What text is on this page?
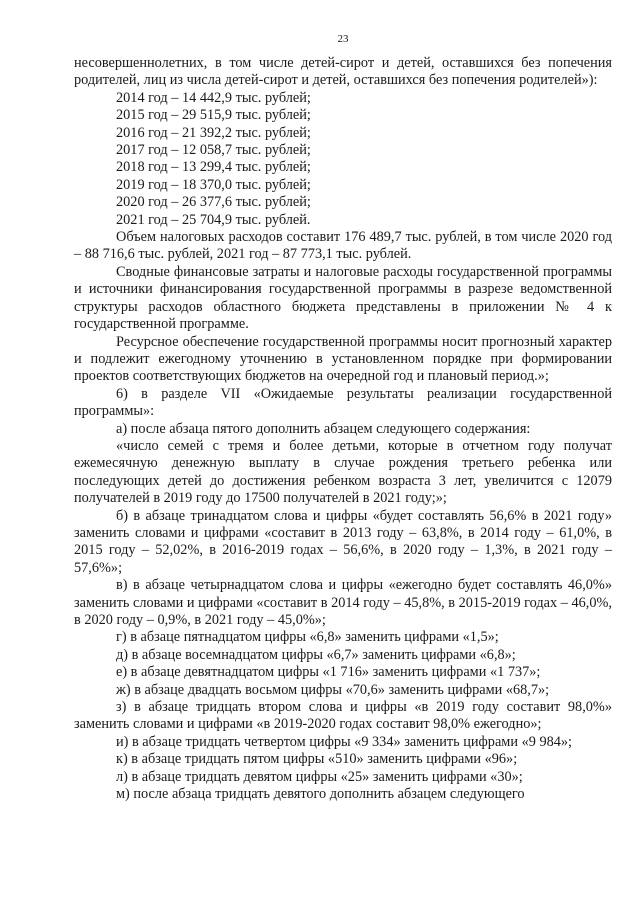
23

несовершеннолетних, в том числе детей-сирот и детей, оставшихся без попечения родителей, лиц из числа детей-сирот и детей, оставшихся без попечения родителей»):

2014 год – 14 442,9 тыс. рублей;

2015 год – 29 515,9 тыс. рублей;

2016 год – 21 392,2 тыс. рублей;

2017 год – 12 058,7 тыс. рублей;

2018 год – 13 299,4 тыс. рублей;

2019 год – 18 370,0 тыс. рублей;

2020 год – 26 377,6 тыс. рублей;

2021 год – 25 704,9 тыс. рублей.

Объем налоговых расходов составит 176 489,7 тыс. рублей, в том числе 2020 год – 88 716,6 тыс. рублей, 2021 год – 87 773,1 тыс. рублей.

Сводные финансовые затраты и налоговые расходы государственной программы и источники финансирования государственной программы в разрезе ведомственной структуры расходов областного бюджета представлены в приложении № 4 к государственной программе.

Ресурсное обеспечение государственной программы носит прогнозный характер и подлежит ежегодному уточнению в установленном порядке при формировании проектов соответствующих бюджетов на очередной год и плановый период.»;

6) в разделе VII «Ожидаемые результаты реализации государственной программы»:

а) после абзаца пятого дополнить абзацем следующего содержания:

«число семей с тремя и более детьми, которые в отчетном году получат ежемесячную денежную выплату в случае рождения третьего ребенка или последующих детей до достижения ребенком возраста 3 лет, увеличится с 12079 получателей в 2019 году до 17500 получателей в 2021 году;»;

б) в абзаце тринадцатом слова и цифры «будет составлять 56,6% в 2021 году» заменить словами и цифрами «составит в 2013 году – 63,8%, в 2014 году – 61,0%, в 2015 году – 52,02%, в 2016-2019 годах – 56,6%, в 2020 году – 1,3%, в 2021 году – 57,6%»;

в) в абзаце четырнадцатом слова и цифры «ежегодно будет составлять 46,0%» заменить словами и цифрами «составит в 2014 году – 45,8%, в 2015-2019 годах – 46,0%, в 2020 году – 0,9%, в 2021 году – 45,0%»;

г) в абзаце пятнадцатом цифры «6,8» заменить цифрами «1,5»;

д) в абзаце восемнадцатом цифры «6,7» заменить цифрами «6,8»;

е) в абзаце девятнадцатом цифры «1 716» заменить цифрами «1 737»;

ж) в абзаце двадцать восьмом цифры «70,6» заменить цифрами «68,7»;

з) в абзаце тридцать втором слова и цифры «в 2019 году составит 98,0%» заменить словами и цифрами «в 2019-2020 годах составит 98,0% ежегодно»;

и) в абзаце тридцать четвертом цифры «9 334» заменить цифрами «9 984»;

к) в абзаце тридцать пятом цифры «510» заменить цифрами «96»;

л) в абзаце тридцать девятом цифры «25» заменить цифрами «30»;

м) после абзаца тридцать девятого дополнить абзацем следующего
